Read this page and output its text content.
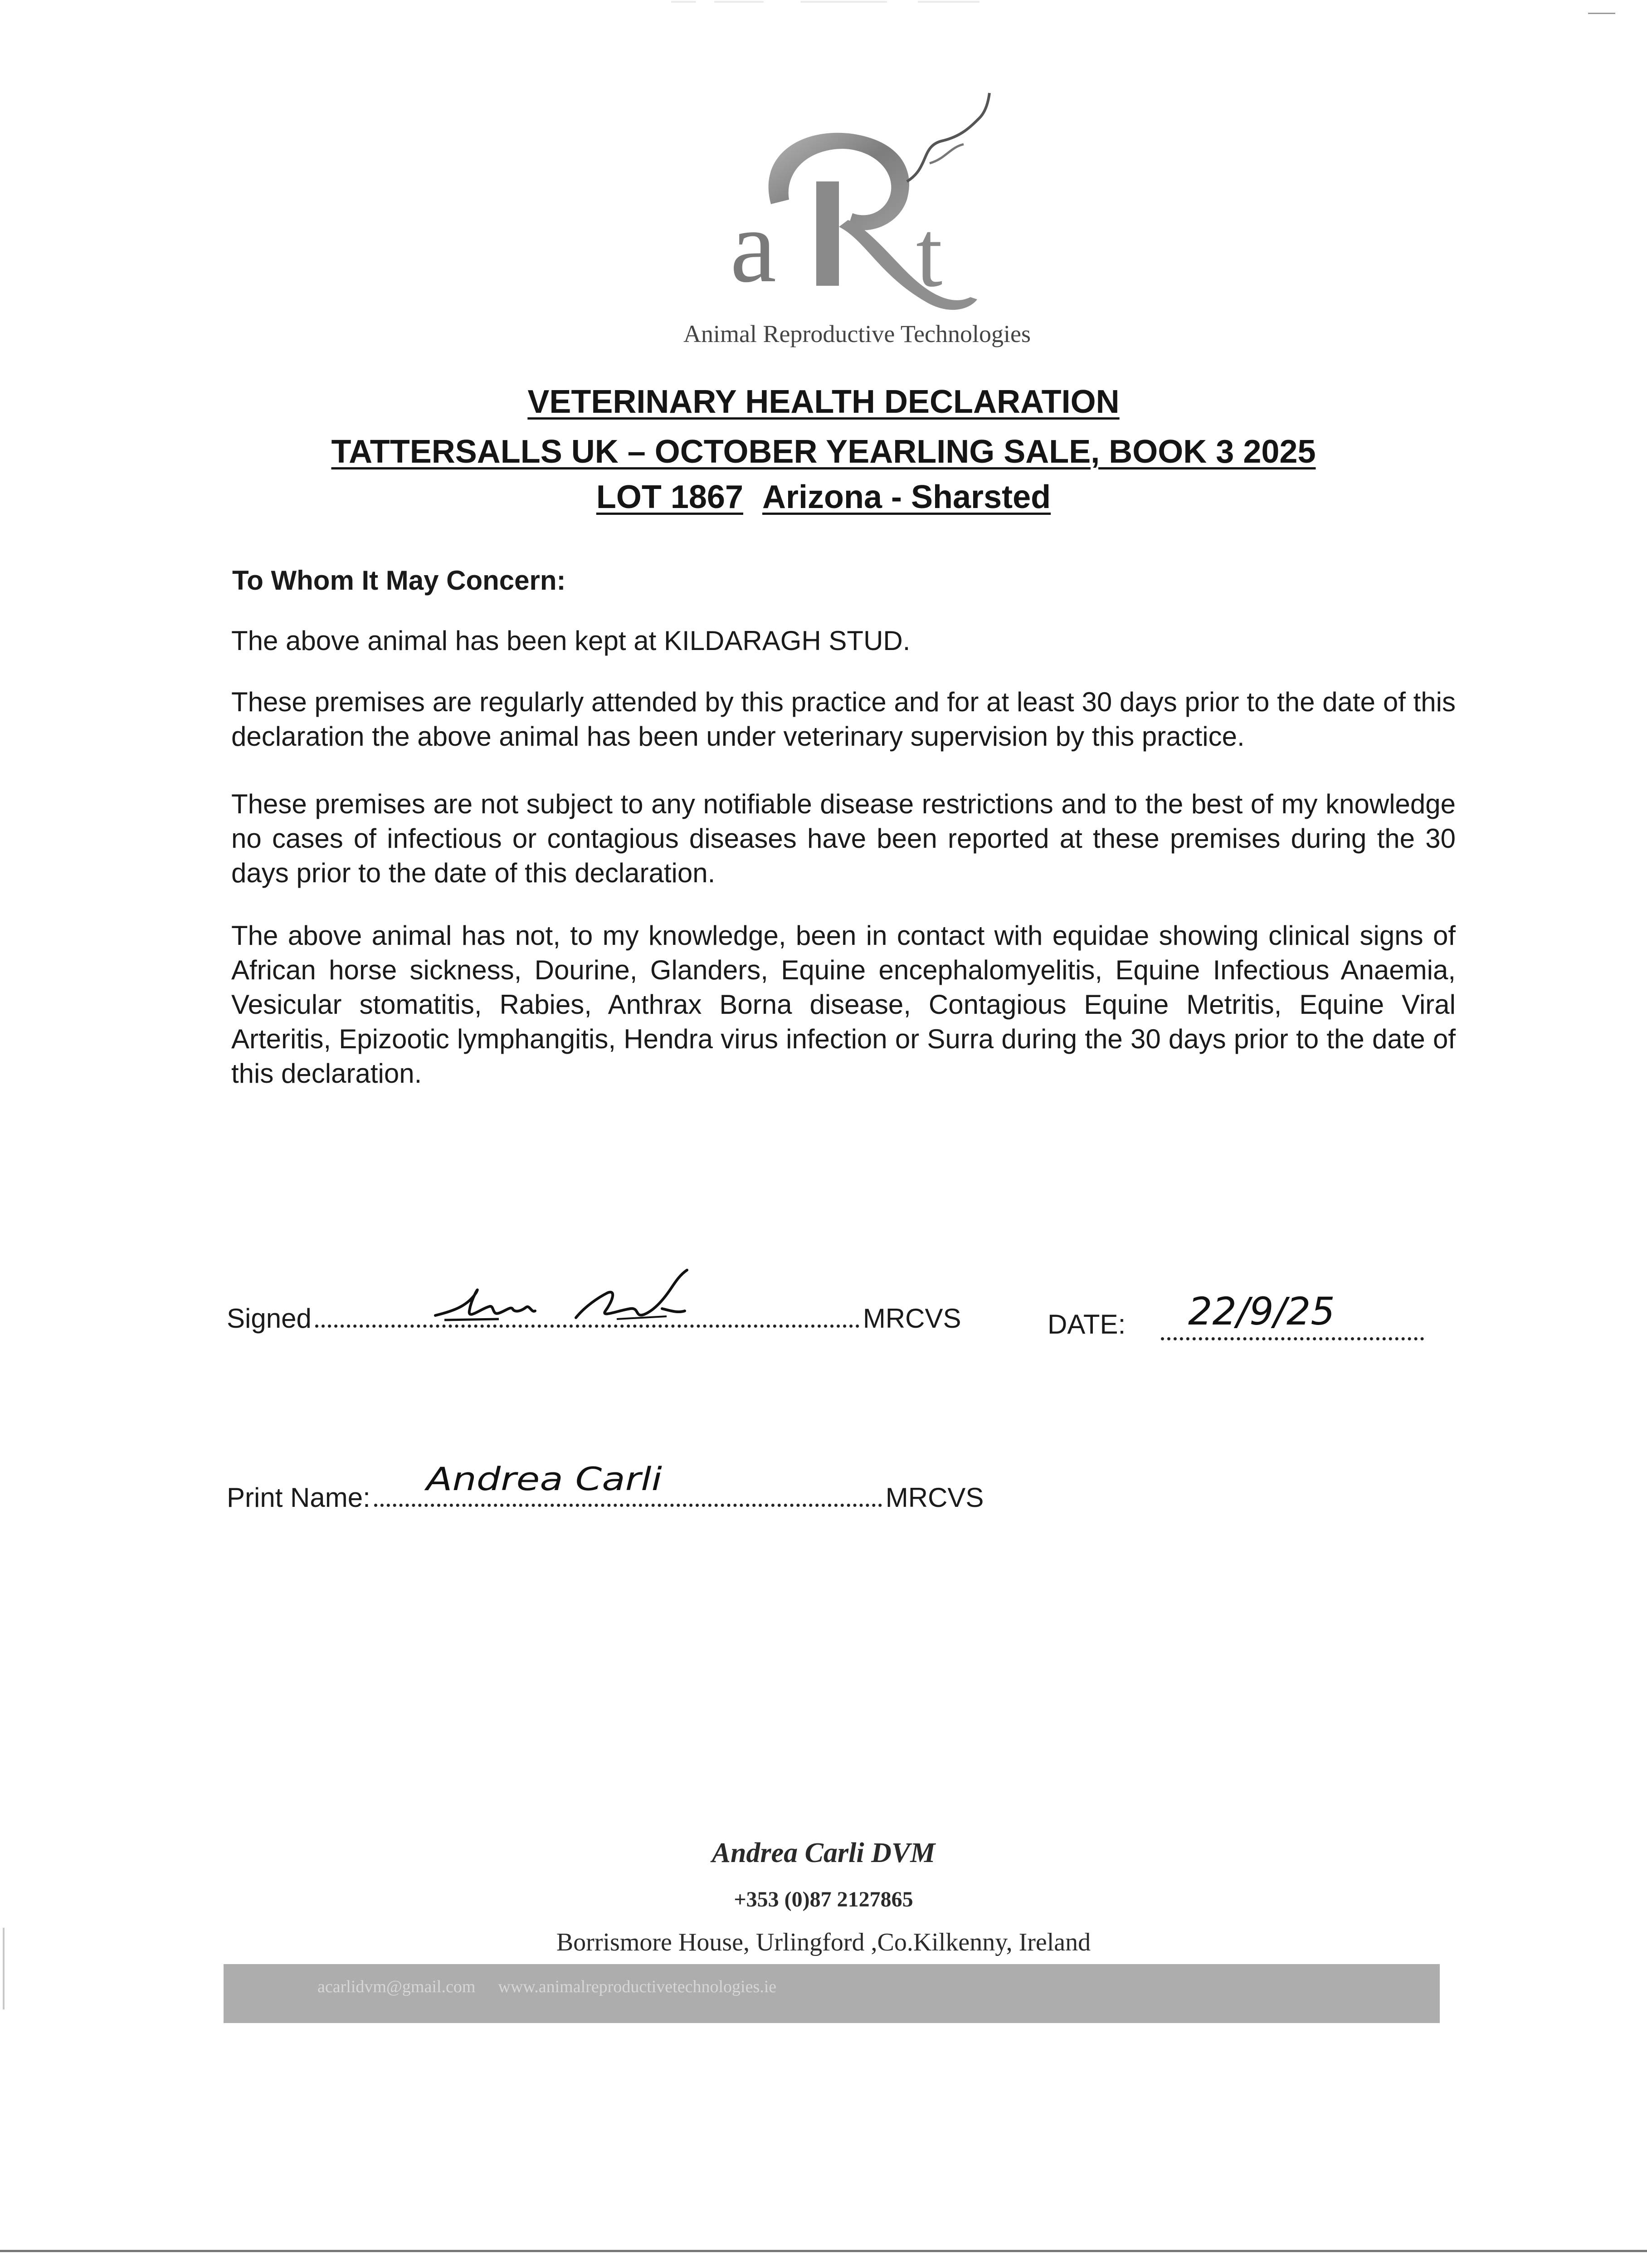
a t
Animal Reproductive Technologies
VETERINARY HEALTH DECLARATION
TATTERSALLS UK – OCTOBER YEARLING SALE, BOOK 3 2025
LOT 1867 Arizona - Sharsted
To Whom It May Concern:
The above animal has been kept at KILDARAGH STUD.
These premises are regularly attended by this practice and for at least 30 days prior to the date of this declaration the above animal has been under veterinary supervision by this practice.
These premises are not subject to any notifiable disease restrictions and to the best of my knowledge no cases of infectious or contagious diseases have been reported at these premises during the 30 days prior to the date of this declaration.
The above animal has not, to my knowledge, been in contact with equidae showing clinical signs of African horse sickness, Dourine, Glanders, Equine encephalomyelitis, Equine Infectious Anaemia, Vesicular stomatitis, Rabies, Anthrax Borna disease, Contagious Equine Metritis, Equine Viral Arteritis, Epizootic lymphangitis, Hendra virus infection or Surra during the 30 days prior to the date of this declaration.
Signed	MRCVS	DATE: 22/9/25
Print Name:	MRCVS
Andrea Carli
Andrea Carli DVM
+353 (0)87 2127865
Borrismore House, Urlingford ,Co.Kilkenny, Ireland
acarlidvm@gmail.com www.animalreproductivetechnologies.ie
